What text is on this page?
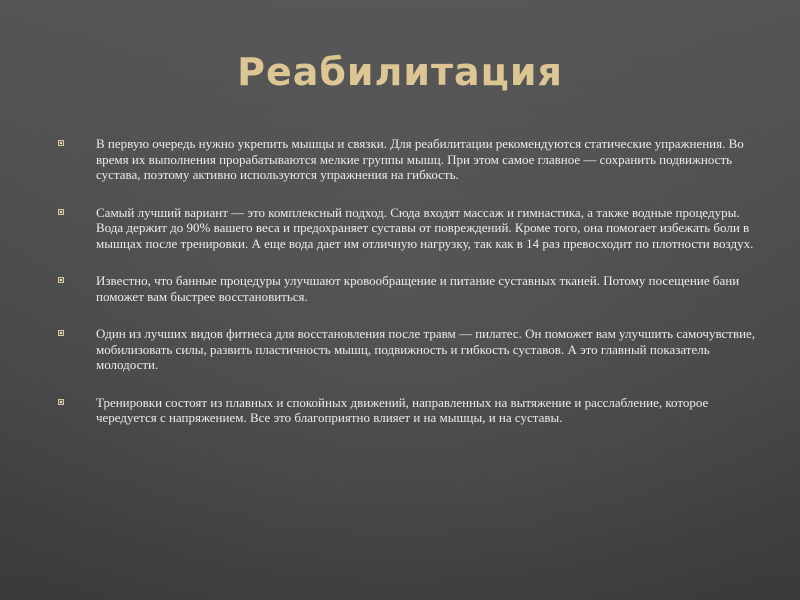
Реабилитация
В первую очередь нужно укрепить мышцы и связки. Для реабилитации рекомендуются статические упражнения. Во время их выполнения прорабатываются мелкие группы мышц. При этом самое главное — сохранить подвижность сустава, поэтому активно используются упражнения на гибкость.
Самый лучший вариант — это комплексный подход. Сюда входят массаж и гимнастика, а также водные процедуры. Вода держит до 90% вашего веса и предохраняет суставы от повреждений. Кроме того, она помогает избежать боли в мышцах после тренировки. А еще вода дает им отличную нагрузку, так как в 14 раз превосходит по плотности воздух.
Известно, что банные процедуры улучшают кровообращение и питание суставных тканей. Потому посещение бани поможет вам быстрее восстановиться.
Один из лучших видов фитнеса для восстановления после травм — пилатес. Он поможет вам улучшить самочувствие, мобилизовать силы, развить пластичность мышц, подвижность и гибкость суставов. А это главный показатель молодости.
Тренировки состоят из плавных и спокойных движений, направленных на вытяжение и расслабление, которое чередуется с напряжением. Все это благоприятно влияет и на мышцы, и на суставы.
